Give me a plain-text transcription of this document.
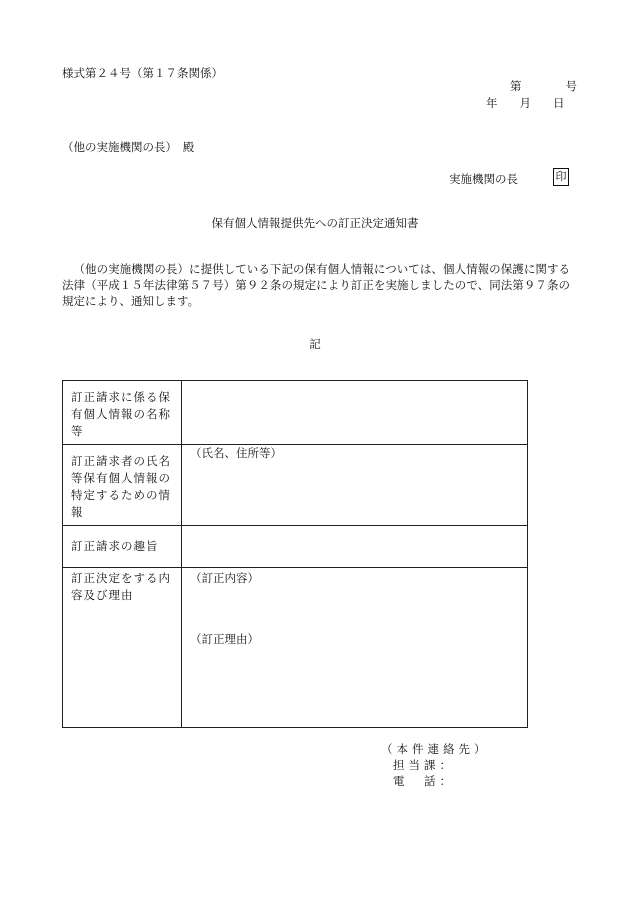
様式第２４号（第１７条関係）
第	号
年 月 日
（他の実施機関の長）　殿
実施機関の長	印
保有個人情報提供先への訂正決定通知書
（他の実施機関の長）に提供している下記の保有個人情報については、個人情報の保護に関する法律（平成１５年法律第５７号）第９２条の規定により訂正を実施しましたので、同法第９７条の規定により、通知します。
記
訂正請求に係る保有個人情報の名称等	
訂正請求者の氏名等保有個人情報の特定するための情報	（氏名、住所等）
訂正請求の趣旨	
訂正決定をする内容及び理由	（訂正内容）
（訂正理由）
（本件連絡先）
担当課：
電　話：
